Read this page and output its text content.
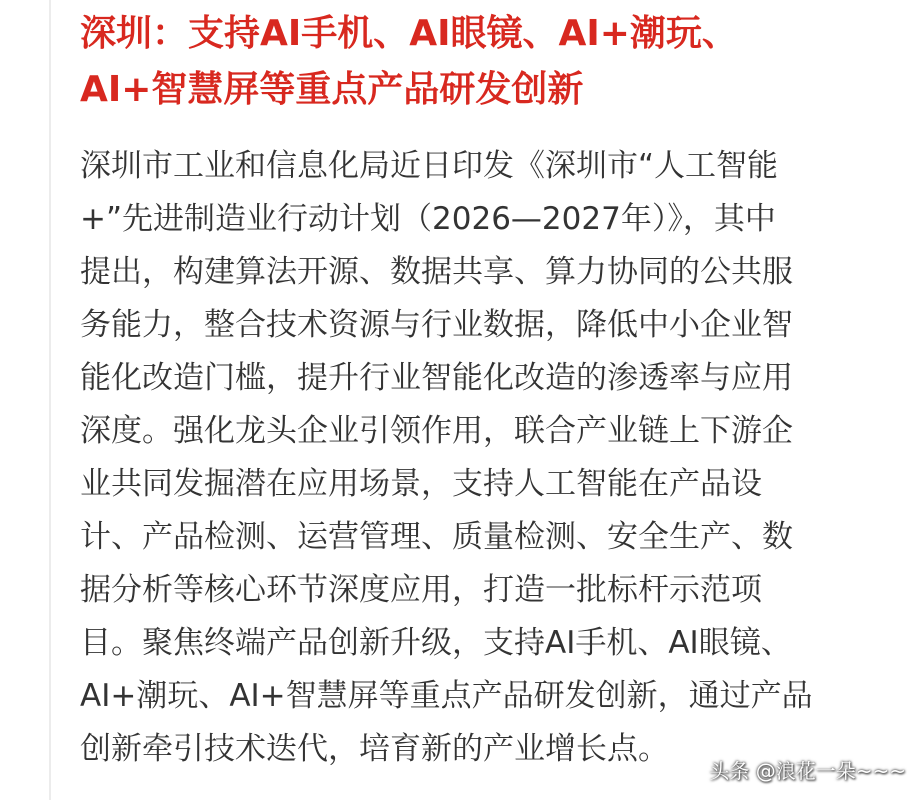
深圳：支持AI手机、AI眼镜、AI+潮玩、
AI+智慧屏等重点产品研发创新

深圳市工业和信息化局近日印发《深圳市“人工智能
+”先进制造业行动计划（2026—2027年）》，其中
提出，构建算法开源、数据共享、算力协同的公共服
务能力，整合技术资源与行业数据，降低中小企业智
能化改造门槛，提升行业智能化改造的渗透率与应用
深度。强化龙头企业引领作用，联合产业链上下游企
业共同发掘潜在应用场景，支持人工智能在产品设
计、产品检测、运营管理、质量检测、安全生产、数
据分析等核心环节深度应用，打造一批标杆示范项
目。聚焦终端产品创新升级，支持AI手机、AI眼镜、
AI+潮玩、AI+智慧屏等重点产品研发创新，通过产品
创新牵引技术迭代，培育新的产业增长点。

头条 @浪花一朵~~~
